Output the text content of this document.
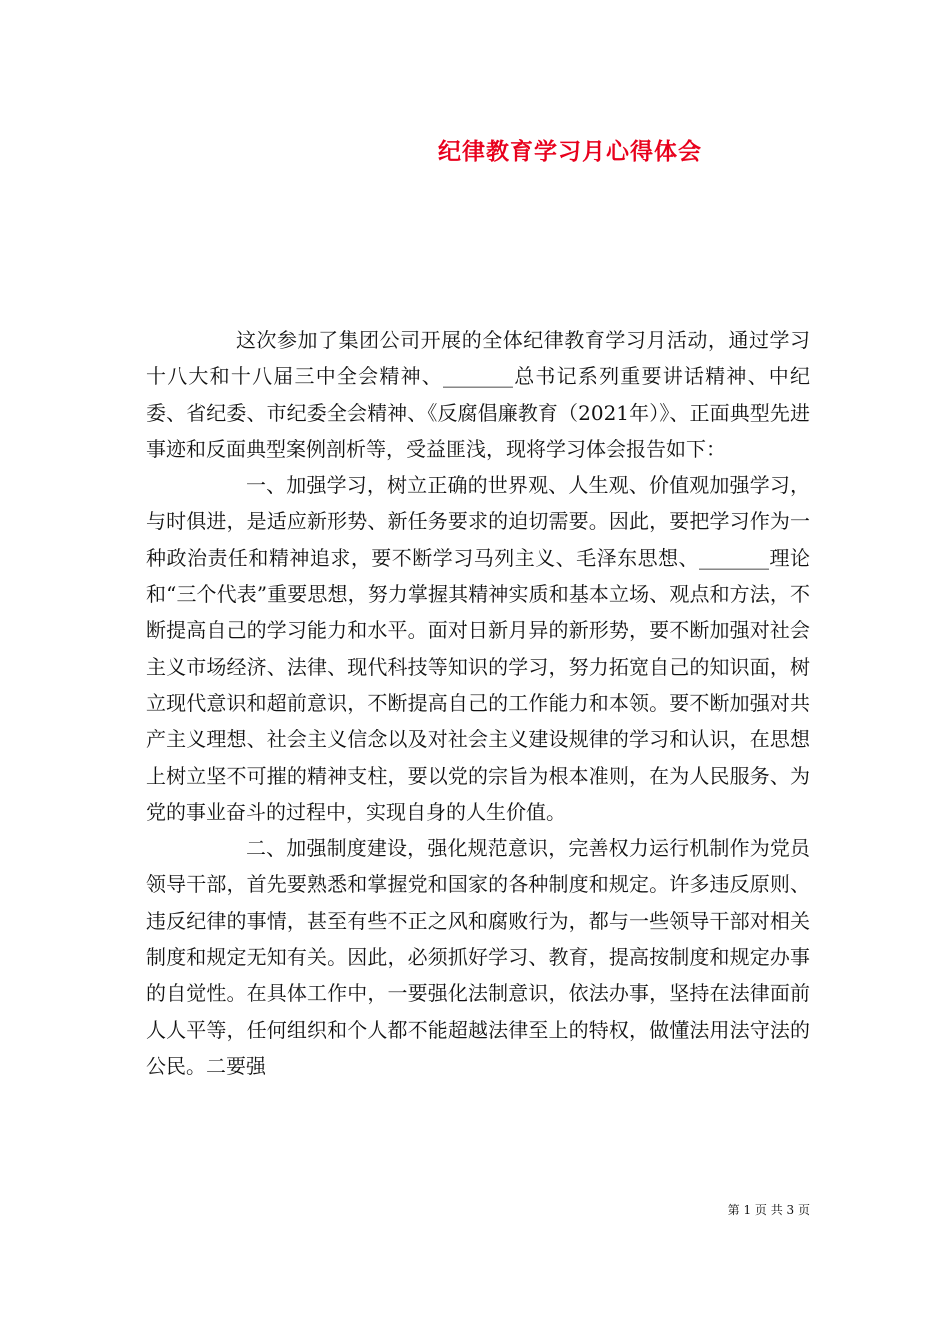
纪律教育学习月心得体会

这次参加了集团公司开展的全体纪律教育学习月活动，通过学习十八大和十八届三中全会精神、_______总书记系列重要讲话精神、中纪委、省纪委、市纪委全会精神、《反腐倡廉教育（2021年）》、正面典型先进事迹和反面典型案例剖析等，受益匪浅，现将学习体会报告如下：

一、加强学习，树立正确的世界观、人生观、价值观加强学习，与时俱进，是适应新形势、新任务要求的迫切需要。因此，要把学习作为一种政治责任和精神追求，要不断学习马列主义、毛泽东思想、_______理论和“三个代表”重要思想，努力掌握其精神实质和基本立场、观点和方法，不断提高自己的学习能力和水平。面对日新月异的新形势，要不断加强对社会主义市场经济、法律、现代科技等知识的学习，努力拓宽自己的知识面，树立现代意识和超前意识，不断提高自己的工作能力和本领。要不断加强对共产主义理想、社会主义信念以及对社会主义建设规律的学习和认识，在思想上树立坚不可摧的精神支柱，要以党的宗旨为根本准则，在为人民服务、为党的事业奋斗的过程中，实现自身的人生价值。

二、加强制度建设，强化规范意识，完善权力运行机制作为党员领导干部，首先要熟悉和掌握党和国家的各种制度和规定。许多违反原则、违反纪律的事情，甚至有些不正之风和腐败行为，都与一些领导干部对相关制度和规定无知有关。因此，必须抓好学习、教育，提高按制度和规定办事的自觉性。在具体工作中，一要强化法制意识，依法办事，坚持在法律面前人人平等，任何组织和个人都不能超越法律至上的特权，做懂法用法守法的公民。二要强

第 1 页 共 3 页
